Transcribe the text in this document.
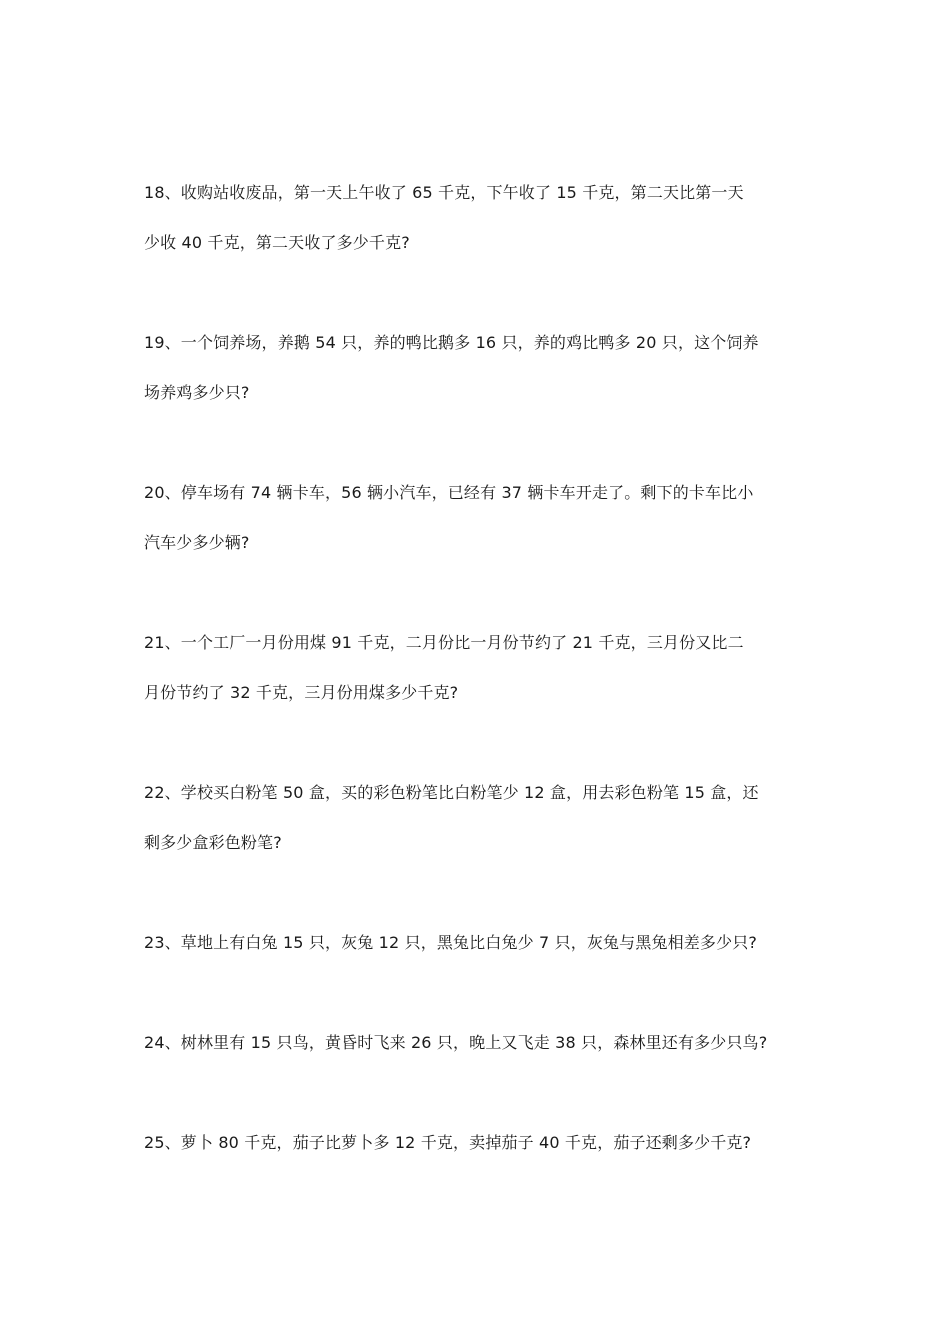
18、收购站收废品，第一天上午收了 65 千克，下午收了 15 千克，第二天比第一天
少收 40 千克，第二天收了多少千克?
19、一个饲养场，养鹅 54 只，养的鸭比鹅多 16 只，养的鸡比鸭多 20 只，这个饲养
场养鸡多少只?
20、停车场有 74 辆卡车，56 辆小汽车，已经有 37 辆卡车开走了。剩下的卡车比小
汽车少多少辆?
21、一个工厂一月份用煤 91 千克，二月份比一月份节约了 21 千克，三月份又比二
月份节约了 32 千克，三月份用煤多少千克?
22、学校买白粉笔 50 盒，买的彩色粉笔比白粉笔少 12 盒，用去彩色粉笔 15 盒，还
剩多少盒彩色粉笔?
23、草地上有白兔 15 只，灰兔 12 只，黑兔比白兔少 7 只，灰兔与黑兔相差多少只?
24、树林里有 15 只鸟，黄昏时飞来 26 只，晚上又飞走 38 只，森林里还有多少只鸟?
25、萝卜 80 千克，茄子比萝卜多 12 千克，卖掉茄子 40 千克，茄子还剩多少千克?
